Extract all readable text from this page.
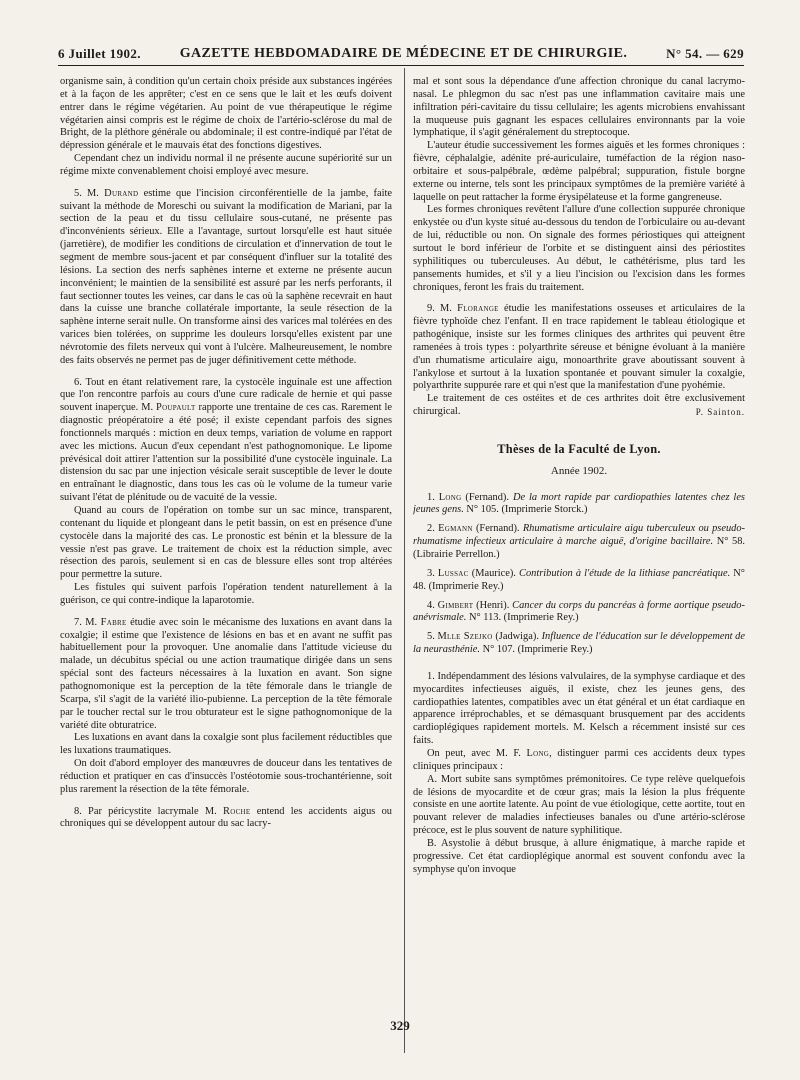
6 Juillet 1902.	GAZETTE HEBDOMADAIRE DE MÉDECINE ET DE CHIRURGIE.	N° 54. — 629

organisme sain, à condition qu'un certain choix préside aux substances ingérées et à la façon de les apprêter; c'est en ce sens que le lait et les œufs doivent entrer dans le régime végétarien. Au point de vue thérapeutique le régime végétarien ainsi compris est le régime de choix de l'artério-sclérose du mal de Bright, de la pléthore générale ou abdominale; il est contre-indiqué par l'état de dépression générale et le mauvais état des fonctions digestives.

Cependant chez un individu normal il ne présente aucune supériorité sur un régime mixte convenablement choisi employé avec mesure.

5. M. Durand estime que l'incision circonférentielle de la jambe, faite suivant la méthode de Moreschi ou suivant la modification de Mariani, par la section de la peau et du tissu cellulaire sous-cutané, ne présente pas d'inconvénients sérieux. Elle a l'avantage, surtout lorsqu'elle est haut située (jarretière), de modifier les conditions de circulation et d'innervation de tout le segment de membre sous-jacent et par conséquent d'influer sur la totalité des lésions. La section des nerfs saphènes interne et externe ne présente aucun inconvénient; le maintien de la sensibilité est assuré par les nerfs perforants, il faut sectionner toutes les veines, car dans le cas où la saphène recevrait en haut dans la cuisse une branche collatérale importante, la seule résection de la saphène interne serait nulle. On transforme ainsi des varices mal tolérées en des varices bien tolérées, on supprime les douleurs lorsqu'elles existent par une névrotomie des filets nerveux qui vont à l'ulcère. Malheureusement, le nombre des faits observés ne permet pas de juger définitivement cette méthode.

6. Tout en étant relativement rare, la cystocèle inguinale est une affection que l'on rencontre parfois au cours d'une cure radicale de hernie et qui passe souvent inaperçue. M. Poupault rapporte une trentaine de ces cas. Rarement le diagnostic préopératoire a été posé; il existe cependant parfois des signes fonctionnels marqués : miction en deux temps, variation de volume en rapport avec les mictions. Aucun d'eux cependant n'est pathognomonique. Le lipome prévésical doit attirer l'attention sur la possibilité d'une cystocèle inguinale. La distension du sac par une injection vésicale serait susceptible de lever le doute en entraînant le diagnostic, dans tous les cas où le volume de la tumeur varie suivant l'état de plénitude ou de vacuité de la vessie.

Quand au cours de l'opération on tombe sur un sac mince, transparent, contenant du liquide et plongeant dans le petit bassin, on est en présence d'une cystocèle dans la majorité des cas. Le pronostic est bénin et la blessure de la vessie n'est pas grave. Le traitement de choix est la réduction simple, avec résection des parois, seulement si en cas de blessure elles sont trop altérées pour permettre la suture.

Les fistules qui suivent parfois l'opération tendent naturellement à la guérison, ce qui contre-indique la laparotomie.

7. M. Fabre étudie avec soin le mécanisme des luxations en avant dans la coxalgie; il estime que l'existence de lésions en bas et en avant ne suffit pas habituellement pour la provoquer. Une anomalie dans l'attitude vicieuse du malade, un décubitus spécial ou une action traumatique dirigée dans un sens spécial sont des facteurs nécessaires à la luxation en avant. Son signe pathognomonique est la perception de la tête fémorale dans le triangle de Scarpa, s'il s'agit de la variété ilio-pubienne. La perception de la tête fémorale par le toucher rectal sur le trou obturateur est le signe pathognomonique de la variété dite obturatrice.

Les luxations en avant dans la coxalgie sont plus facilement réductibles que les luxations traumatiques.

On doit d'abord employer des manœuvres de douceur dans les tentatives de réduction et pratiquer en cas d'insuccès l'ostéotomie sous-trochantérienne, soit plus rarement la résection de la tête fémorale.

8. Par péricystite lacrymale M. Roche entend les accidents aigus ou chroniques qui se développent autour du sac lacry-

mal et sont sous la dépendance d'une affection chronique du canal lacrymo-nasal. Le phlegmon du sac n'est pas une inflammation cavitaire mais une infiltration péri-cavitaire du tissu cellulaire; les agents microbiens envahissant la muqueuse puis gagnant les espaces cellulaires environnants par la voie lymphatique, il s'agit généralement du streptocoque.

L'auteur étudie successivement les formes aiguës et les formes chroniques : fièvre, céphalalgie, adénite pré-auriculaire, tuméfaction de la région naso-orbitaire et sous-palpébrale, œdème palpébral; suppuration, fistule borgne externe ou interne, tels sont les principaux symptômes de la première variété à laquelle on peut rattacher la forme érysipélateuse et la forme gangreneuse.

Les formes chroniques revêtent l'allure d'une collection suppurée chronique enkystée ou d'un kyste situé au-dessous du tendon de l'orbiculaire ou au-devant de lui, réductible ou non. On signale des formes périostiques qui atteignent surtout le bord inférieur de l'orbite et se distinguent ainsi des périostites syphilitiques ou tuberculeuses. Au début, le cathétérisme, plus tard les pansements humides, et s'il y a lieu l'incision ou l'excision dans les formes chroniques, feront les frais du traitement.

9. M. Florange étudie les manifestations osseuses et articulaires de la fièvre typhoïde chez l'enfant. Il en trace rapidement le tableau étiologique et pathogénique, insiste sur les formes cliniques des arthrites qui peuvent être ramenées à trois types : polyarthrite séreuse et bénigne évoluant à la manière d'un rhumatisme articulaire aigu, monoarthrite grave aboutissant souvent à l'ankylose et surtout à la luxation spontanée et pouvant simuler la coxalgie, polyarthrite suppurée rare et qui n'est que la manifestation d'une pyohémie.

Le traitement de ces ostéites et de ces arthrites doit être exclusivement chirurgical.	P. Sainton.

Thèses de la Faculté de Lyon.

Année 1902.

1. Long (Fernand). De la mort rapide par cardiopathies latentes chez les jeunes gens. N° 105. (Imprimerie Storck.)

2. Egmann (Fernand). Rhumatisme articulaire aigu tuberculeux ou pseudo-rhumatisme infectieux articulaire à marche aiguë, d'origine bacillaire. N° 58. (Librairie Perrellon.)

3. Lussac (Maurice). Contribution à l'étude de la lithiase pancréatique. N° 48. (Imprimerie Rey.)

4. Gimbert (Henri). Cancer du corps du pancréas à forme aortique pseudo-anévrismale. N° 113. (Imprimerie Rey.)

5. Mlle Szejko (Jadwiga). Influence de l'éducation sur le développement de la neurasthénie. N° 107. (Imprimerie Rey.)

1. Indépendamment des lésions valvulaires, de la symphyse cardiaque et des myocardites infectieuses aiguës, il existe, chez les jeunes gens, des cardiopathies latentes, compatibles avec un état général et un état cardiaque en apparence irréprochables, et se démasquant brusquement par des accidents cardioplégiques rapidement mortels. M. Kelsch a récemment insisté sur ces faits.

On peut, avec M. F. Long, distinguer parmi ces accidents deux types cliniques principaux :

A. Mort subite sans symptômes prémonitoires. Ce type relève quelquefois de lésions de myocardite et de cœur gras; mais la lésion la plus fréquente consiste en une aortite latente. Au point de vue étiologique, cette aortite, tout en pouvant relever de maladies infectieuses banales ou d'une artério-sclérose précoce, est le plus souvent de nature syphilitique.

B. Asystolie à début brusque, à allure énigmatique, à marche rapide et progressive. Cet état cardioplégique anormal est souvent confondu avec la symphyse qu'on invoque

329
